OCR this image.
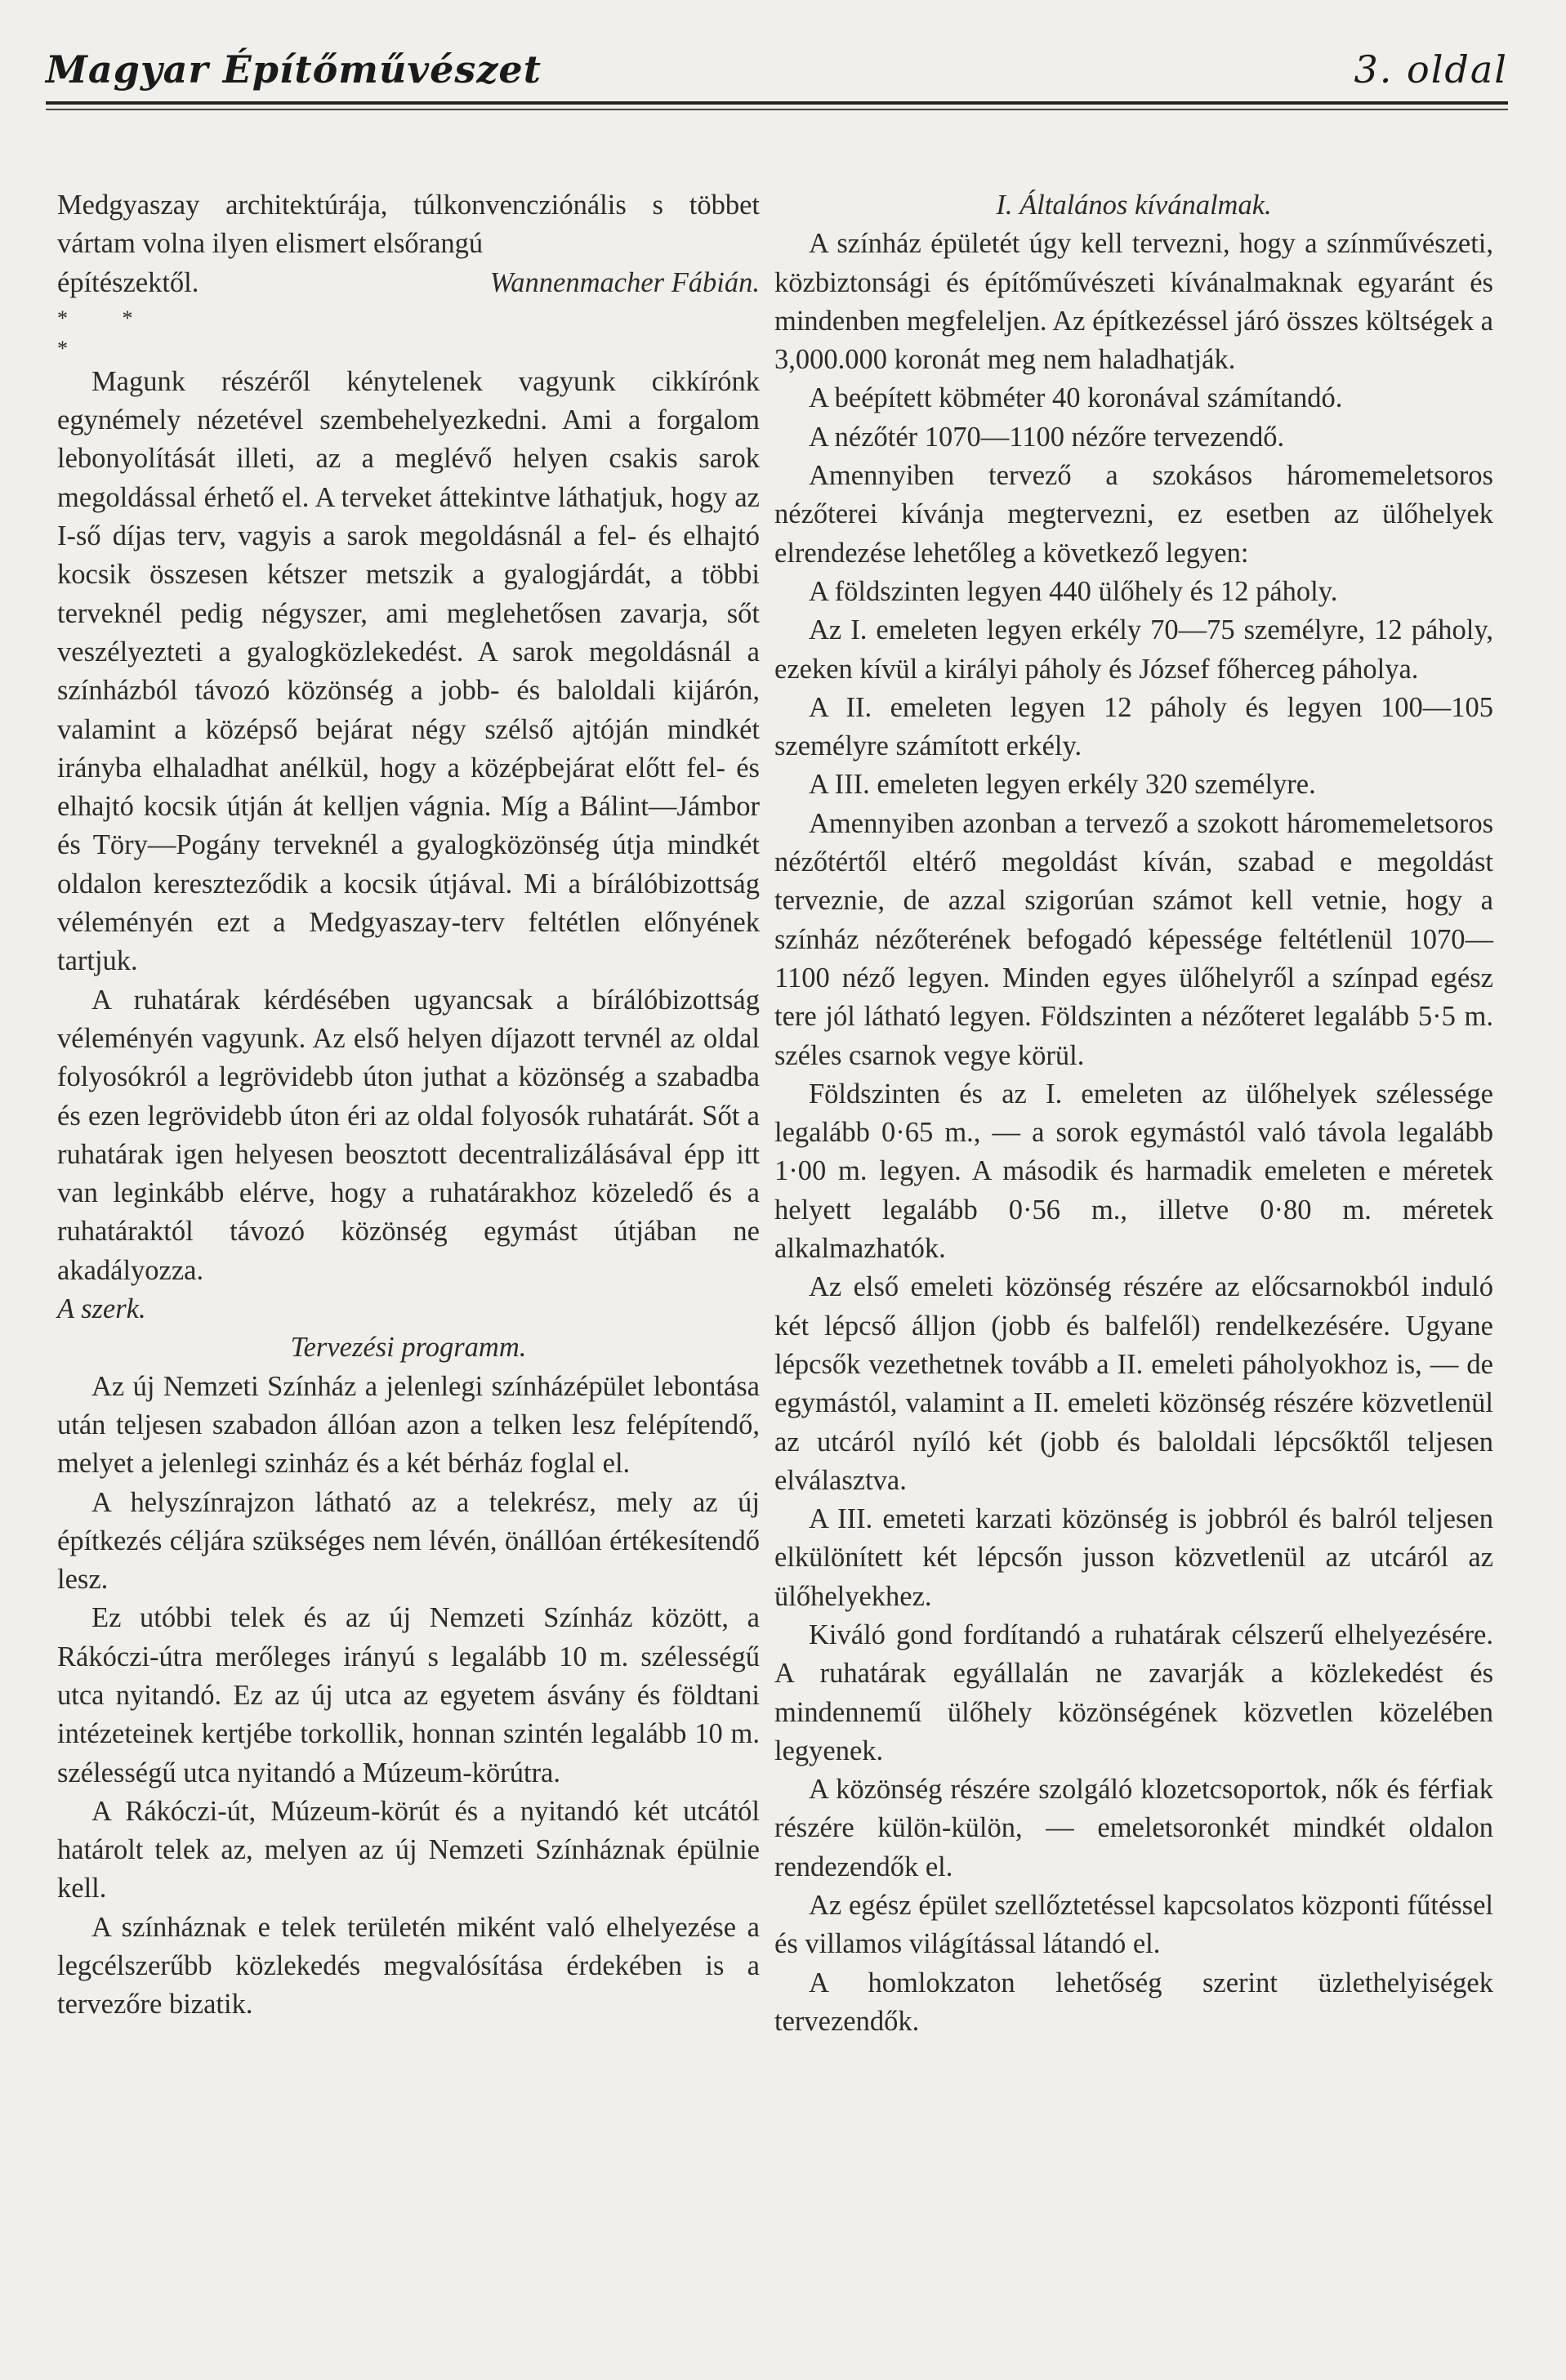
Magyar Építőművészet	3. oldal

Medgyaszay architektúrája, túlkonvencziónális s többet vártam volna ilyen elismert elsőrangú

építészektől.	Wannenmacher Fábián.

* *

*

Magunk részéről kénytelenek vagyunk cikkírónk egynémely nézetével szembehelyezkedni. Ami a forgalom lebonyolítását illeti, az a meglévő helyen csakis sarok megoldással érhető el. A terveket áttekintve láthatjuk, hogy az I-ső díjas terv, vagyis a sarok megoldásnál a fel- és elhajtó kocsik összesen kétszer metszik a gyalogjárdát, a többi terveknél pedig négyszer, ami meglehetősen zavarja, sőt veszélyezteti a gyalogközlekedést. A sarok megoldásnál a színházból távozó közönség a jobb- és baloldali kijárón, valamint a középső bejárat négy szélső ajtóján mindkét irányba elhaladhat anélkül, hogy a középbejárat előtt fel- és elhajtó kocsik útján át kelljen vágnia. Míg a Bálint—Jámbor és Töry—Pogány terveknél a gyalogközönség útja mindkét oldalon kereszteződik a kocsik útjával. Mi a bírálóbizottság véleményén ezt a Medgyaszay-terv feltétlen előnyének tartjuk.

A ruhatárak kérdésében ugyancsak a bírálóbizottság véleményén vagyunk. Az első helyen díjazott tervnél az oldal folyosókról a legrövidebb úton juthat a közönség a szabadba és ezen legrövidebb úton éri az oldal folyosók ruhatárát. Sőt a ruhatárak igen helyesen beosztott decentralizálásával épp itt van leginkább elérve, hogy a ruhatárakhoz közeledő és a ruhatáraktól távozó közönség egymást útjában ne akadályozza.

A szerk.

Tervezési programm.

Az új Nemzeti Színház a jelenlegi színházépület lebontása után teljesen szabadon állóan azon a telken lesz felépítendő, melyet a jelenlegi szinház és a két bérház foglal el.

A helyszínrajzon látható az a telekrész, mely az új építkezés céljára szükséges nem lévén, önállóan értékesítendő lesz.

Ez utóbbi telek és az új Nemzeti Színház között, a Rákóczi-útra merőleges irányú s legalább 10 m. szélességű utca nyitandó. Ez az új utca az egyetem ásvány és földtani intézeteinek kertjébe torkollik, honnan szintén legalább 10 m. szélességű utca nyitandó a Múzeum-körútra.

A Rákóczi-út, Múzeum-körút és a nyitandó két utcától határolt telek az, melyen az új Nemzeti Színháznak épülnie kell.

A színháznak e telek területén miként való elhelyezése a legcélszerűbb közlekedés megvalósítása érdekében is a tervezőre bizatik.

I. Általános kívánalmak.

A színház épületét úgy kell tervezni, hogy a színművészeti, közbiztonsági és építőművészeti kívánalmaknak egyaránt és mindenben megfeleljen. Az építkezéssel járó összes költségek a 3,000.000 koronát meg nem haladhatják.

A beépített köbméter 40 koronával számítandó.

A nézőtér 1070—1100 nézőre tervezendő.

Amennyiben tervező a szokásos háromemeletsoros nézőterei kívánja megtervezni, ez esetben az ülőhelyek elrendezése lehetőleg a következő legyen:

A földszinten legyen 440 ülőhely és 12 páholy.

Az I. emeleten legyen erkély 70—75 személyre, 12 páholy, ezeken kívül a királyi páholy és József főherceg páholya.

A II. emeleten legyen 12 páholy és legyen 100—105 személyre számított erkély.

A III. emeleten legyen erkély 320 személyre.

Amennyiben azonban a tervező a szokott háromemeletsoros nézőtértől eltérő megoldást kíván, szabad e megoldást terveznie, de azzal szigorúan számot kell vetnie, hogy a színház nézőterének befogadó képessége feltétlenül 1070—1100 néző legyen. Minden egyes ülőhelyről a színpad egész tere jól látható legyen. Földszinten a nézőteret legalább 5·5 m. széles csarnok vegye körül.

Földszinten és az I. emeleten az ülőhelyek szélessége legalább 0·65 m., — a sorok egymástól való távola legalább 1·00 m. legyen. A második és harmadik emeleten e méretek helyett legalább 0·56 m., illetve 0·80 m. méretek alkalmazhatók.

Az első emeleti közönség részére az előcsarnokból induló két lépcső álljon (jobb és balfelől) rendelkezésére. Ugyane lépcsők vezethetnek tovább a II. emeleti páholyokhoz is, — de egymástól, valamint a II. emeleti közönség részére közvetlenül az utcáról nyíló két (jobb és baloldali lépcsőktől teljesen elválasztva.

A III. emeteti karzati közönség is jobbról és balról teljesen elkülönített két lépcsőn jusson közvetlenül az utcáról az ülőhelyekhez.

Kiváló gond fordítandó a ruhatárak célszerű elhelyezésére. A ruhatárak egyállalán ne zavarják a közlekedést és mindennemű ülőhely közönségének közvetlen közelében legyenek.

A közönség részére szolgáló klozetcsoportok, nők és férfiak részére külön-külön, — emeletsoronkét mindkét oldalon rendezendők el.

Az egész épület szellőztetéssel kapcsolatos központi fűtéssel és villamos világítással látandó el.

A homlokzaton lehetőség szerint üzlethelyiségek tervezendők.
